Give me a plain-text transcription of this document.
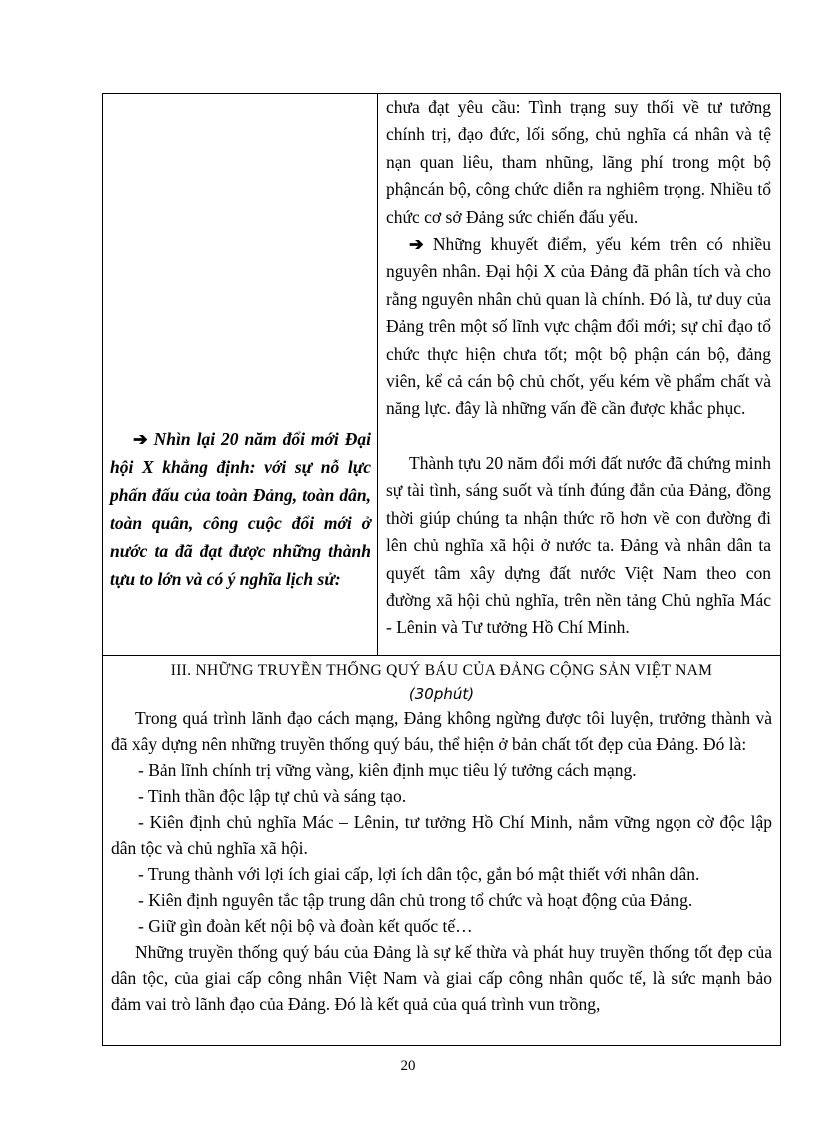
➔ Nhìn lại 20 năm đổi mới Đại hội X khẳng định: với sự nỗ lực phấn đấu của toàn Đảng, toàn dân, toàn quân, công cuộc đổi mới ở nước ta đã đạt được những thành tựu to lớn và có ý nghĩa lịch sử:

chưa đạt yêu cầu: Tình trạng suy thối về tư tưởng chính trị, đạo đức, lối sống, chủ nghĩa cá nhân và tệ nạn quan liêu, tham nhũng, lãng phí trong một bộ phậncán bộ, công chức diễn ra nghiêm trọng. Nhiều tổ chức cơ sở Đảng sức chiến đấu yếu.

➔ Những khuyết điểm, yếu kém trên có nhiều nguyên nhân. Đại hội X của Đảng đã phân tích và cho rằng nguyên nhân chủ quan là chính. Đó là, tư duy của Đảng trên một số lĩnh vực chậm đổi mới; sự chỉ đạo tổ chức thực hiện chưa tốt; một bộ phận cán bộ, đảng viên, kể cả cán bộ chủ chốt, yếu kém về phẩm chất và năng lực. đây là những vấn đề cần được khắc phục.

Thành tựu 20 năm đổi mới đất nước đã chứng minh sự tài tình, sáng suốt và tính đúng đắn của Đảng, đồng thời giúp chúng ta nhận thức rõ hơn về con đường đi lên chủ nghĩa xã hội ở nước ta. Đảng và nhân dân ta quyết tâm xây dựng đất nước Việt Nam theo con đường xã hội chủ nghĩa, trên nền tảng Chủ nghĩa Mác - Lênin và Tư tưởng Hồ Chí Minh.

III. NHỮNG TRUYỀN THỐNG QUÝ BÁU CỦA ĐẢNG CỘNG SẢN VIỆT NAM
(30phút)

Trong quá trình lãnh đạo cách mạng, Đảng không ngừng được tôi luyện, trưởng thành và đã xây dựng nên những truyền thống quý báu, thể hiện ở bản chất tốt đẹp của Đảng. Đó là:

- Bản lĩnh chính trị vững vàng, kiên định mục tiêu lý tưởng cách mạng.

- Tinh thần độc lập tự chủ và sáng tạo.

- Kiên định chủ nghĩa Mác – Lênin, tư tưởng Hồ Chí Minh, nắm vững ngọn cờ độc lập dân tộc và chủ nghĩa xã hội.

- Trung thành với lợi ích giai cấp, lợi ích dân tộc, gắn bó mật thiết với nhân dân.

- Kiên định nguyên tắc tập trung dân chủ trong tổ chức và hoạt động của Đảng.

- Giữ gìn đoàn kết nội bộ và đoàn kết quốc tế…

Những truyền thống quý báu của Đảng là sự kế thừa và phát huy truyền thống tốt đẹp của dân tộc, của giai cấp công nhân Việt Nam và giai cấp công nhân quốc tế, là sức mạnh bảo đảm vai trò lãnh đạo của Đảng. Đó là kết quả của quá trình vun trồng,

20
